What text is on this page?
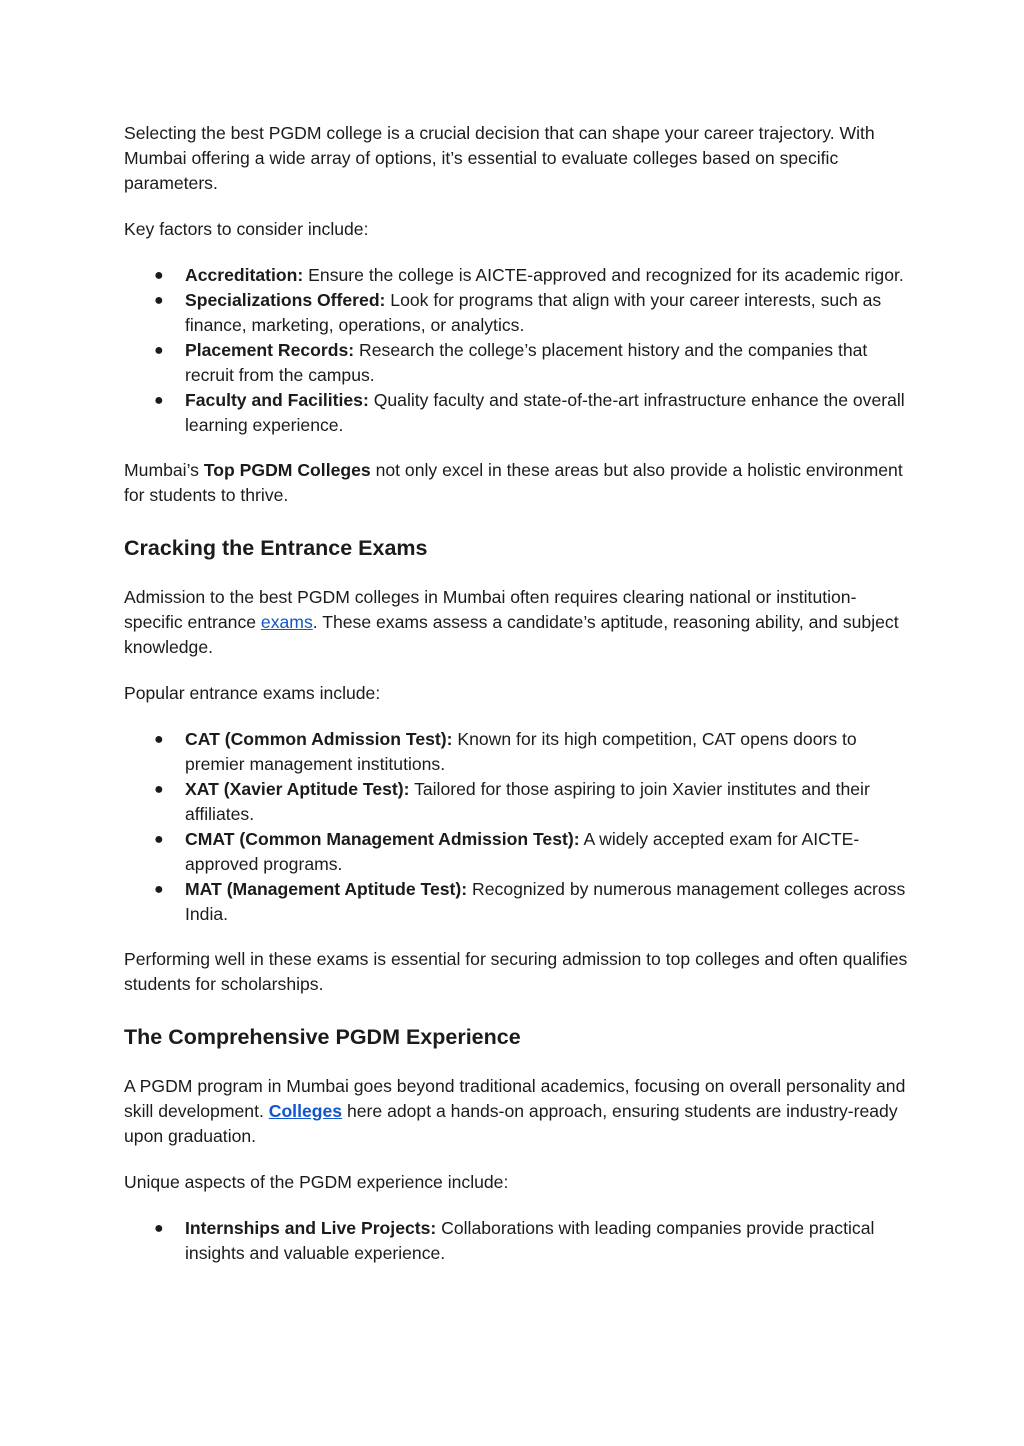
Selecting the best PGDM college is a crucial decision that can shape your career trajectory. With Mumbai offering a wide array of options, it’s essential to evaluate colleges based on specific parameters.

Key factors to consider include:

● Accreditation: Ensure the college is AICTE-approved and recognized for its academic rigor.
● Specializations Offered: Look for programs that align with your career interests, such as finance, marketing, operations, or analytics.
● Placement Records: Research the college’s placement history and the companies that recruit from the campus.
● Faculty and Facilities: Quality faculty and state-of-the-art infrastructure enhance the overall learning experience.

Mumbai’s Top PGDM Colleges not only excel in these areas but also provide a holistic environment for students to thrive.

Cracking the Entrance Exams

Admission to the best PGDM colleges in Mumbai often requires clearing national or institution-specific entrance exams. These exams assess a candidate’s aptitude, reasoning ability, and subject knowledge.

Popular entrance exams include:

● CAT (Common Admission Test): Known for its high competition, CAT opens doors to premier management institutions.
● XAT (Xavier Aptitude Test): Tailored for those aspiring to join Xavier institutes and their affiliates.
● CMAT (Common Management Admission Test): A widely accepted exam for AICTE-approved programs.
● MAT (Management Aptitude Test): Recognized by numerous management colleges across India.

Performing well in these exams is essential for securing admission to top colleges and often qualifies students for scholarships.

The Comprehensive PGDM Experience

A PGDM program in Mumbai goes beyond traditional academics, focusing on overall personality and skill development. Colleges here adopt a hands-on approach, ensuring students are industry-ready upon graduation.

Unique aspects of the PGDM experience include:

● Internships and Live Projects: Collaborations with leading companies provide practical insights and valuable experience.
